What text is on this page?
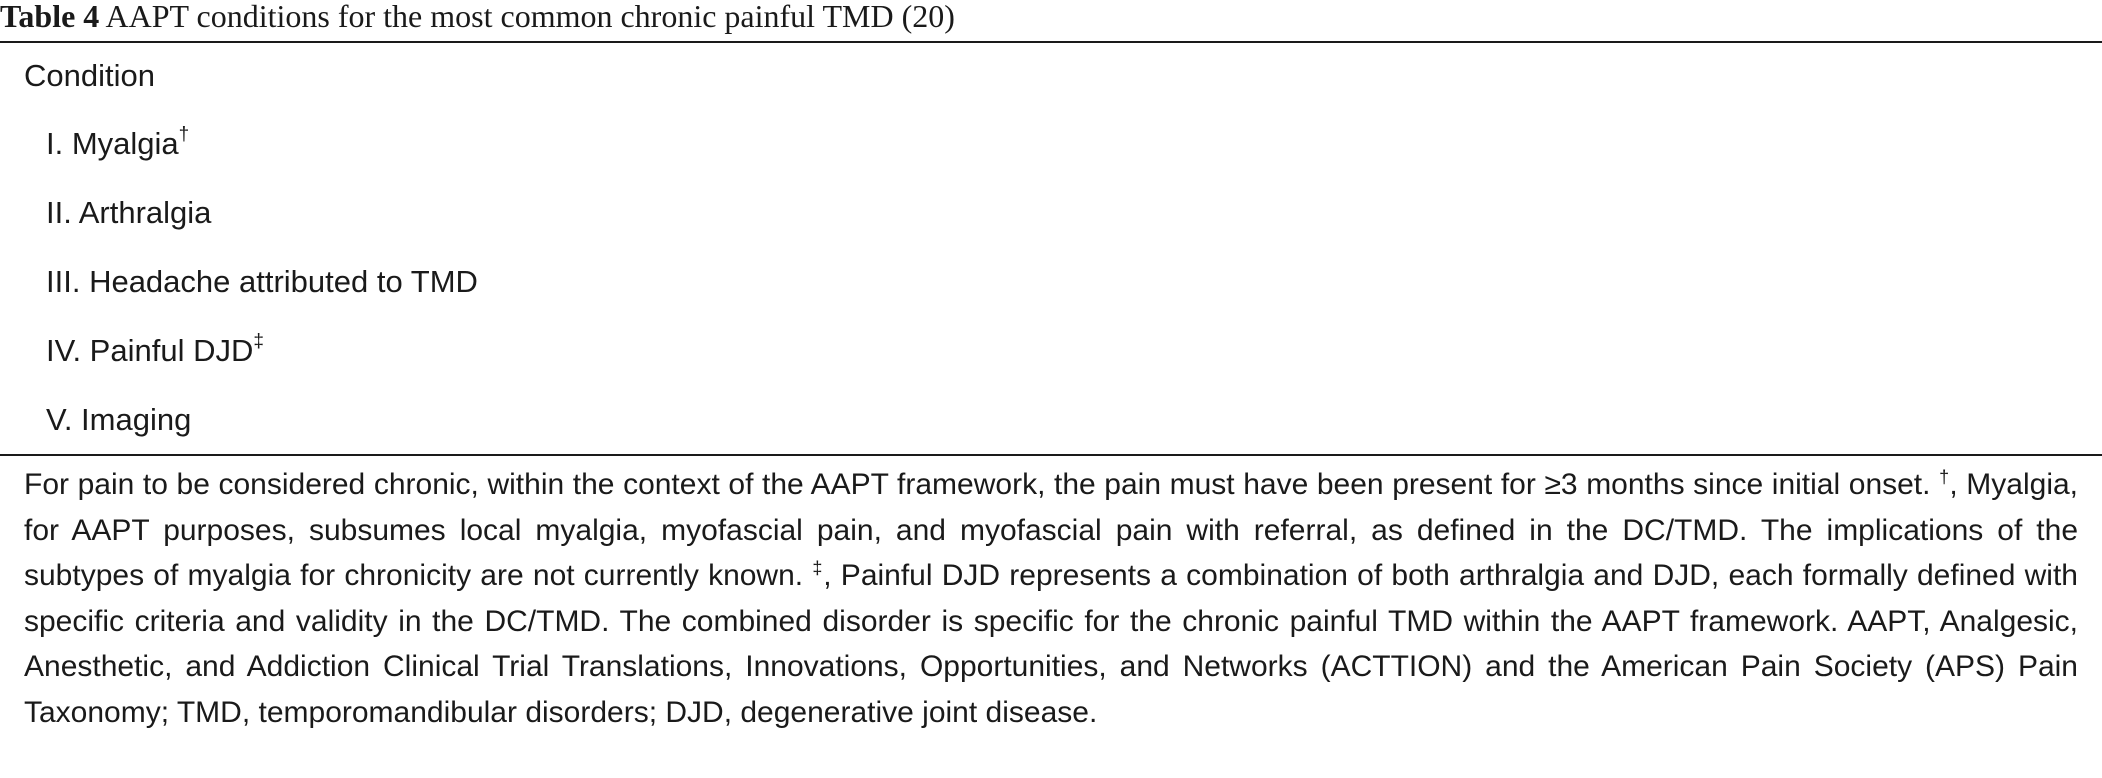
Table 4 AAPT conditions for the most common chronic painful TMD (20)
Condition
I. Myalgia†
II. Arthralgia
III. Headache attributed to TMD
IV. Painful DJD‡
V. Imaging

For pain to be considered chronic, within the context of the AAPT framework, the pain must have been present for ≥3 months since initial onset. †, Myalgia, for AAPT purposes, subsumes local myalgia, myofascial pain, and myofascial pain with referral, as defined in the DC/TMD. The implications of the subtypes of myalgia for chronicity are not currently known. ‡, Painful DJD represents a combination of both arthralgia and DJD, each formally defined with specific criteria and validity in the DC/TMD. The combined disorder is specific for the chronic painful TMD within the AAPT framework. AAPT, Analgesic, Anesthetic, and Addiction Clinical Trial Translations, Innovations, Opportunities, and Networks (ACTTION) and the American Pain Society (APS) Pain Taxonomy; TMD, temporomandibular disorders; DJD, degenerative joint disease.
